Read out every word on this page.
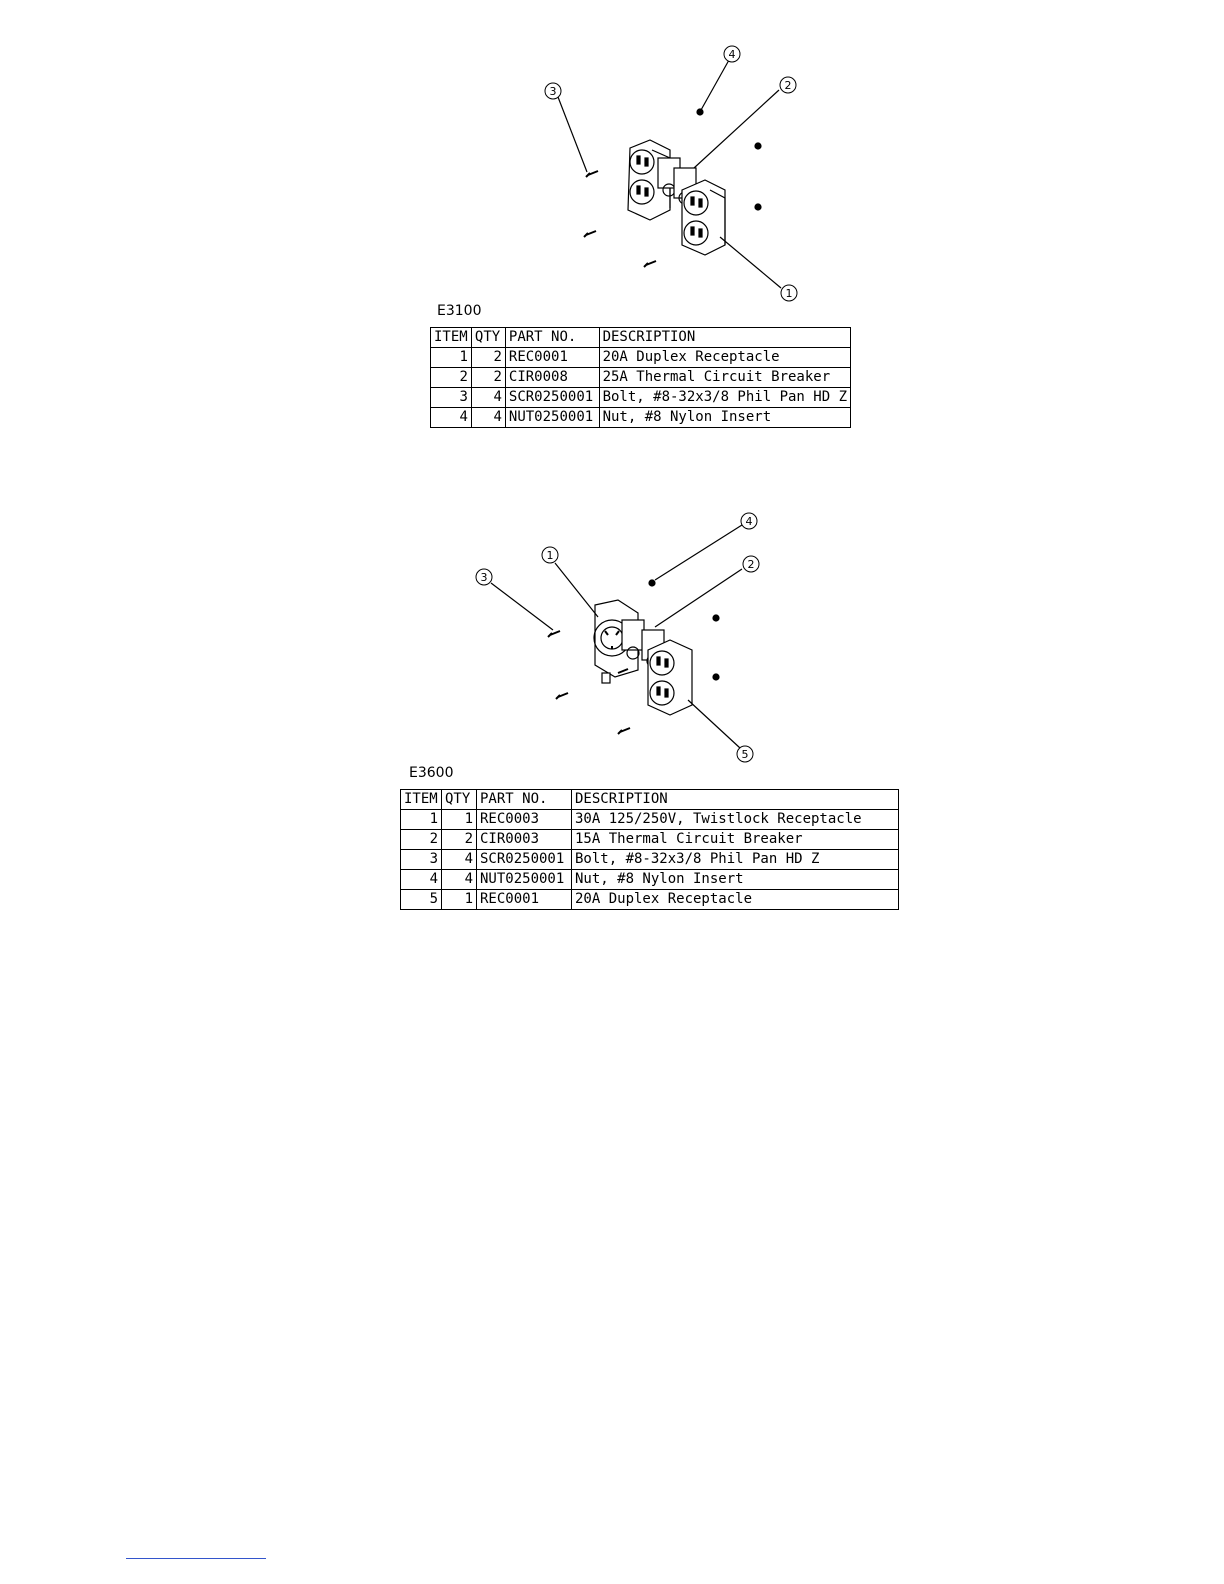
3
4
2
1
E3100
ITEM	QTY	PART NO.	DESCRIPTION
1	2	REC0001	20A Duplex Receptacle
2	2	CIR0008	25A Thermal Circuit Breaker
3	4	SCR0250001	Bolt, #8-32x3/8 Phil Pan HD Z
4	4	NUT0250001	Nut, #8 Nylon Insert
3
1
4
2
5
E3600
ITEM	QTY	PART NO.	DESCRIPTION
1	1	REC0003	30A 125/250V, Twistlock Receptacle
2	2	CIR0003	15A Thermal Circuit Breaker
3	4	SCR0250001	Bolt, #8-32x3/8 Phil Pan HD Z
4	4	NUT0250001	Nut, #8 Nylon Insert
5	1	REC0001	20A Duplex Receptacle
